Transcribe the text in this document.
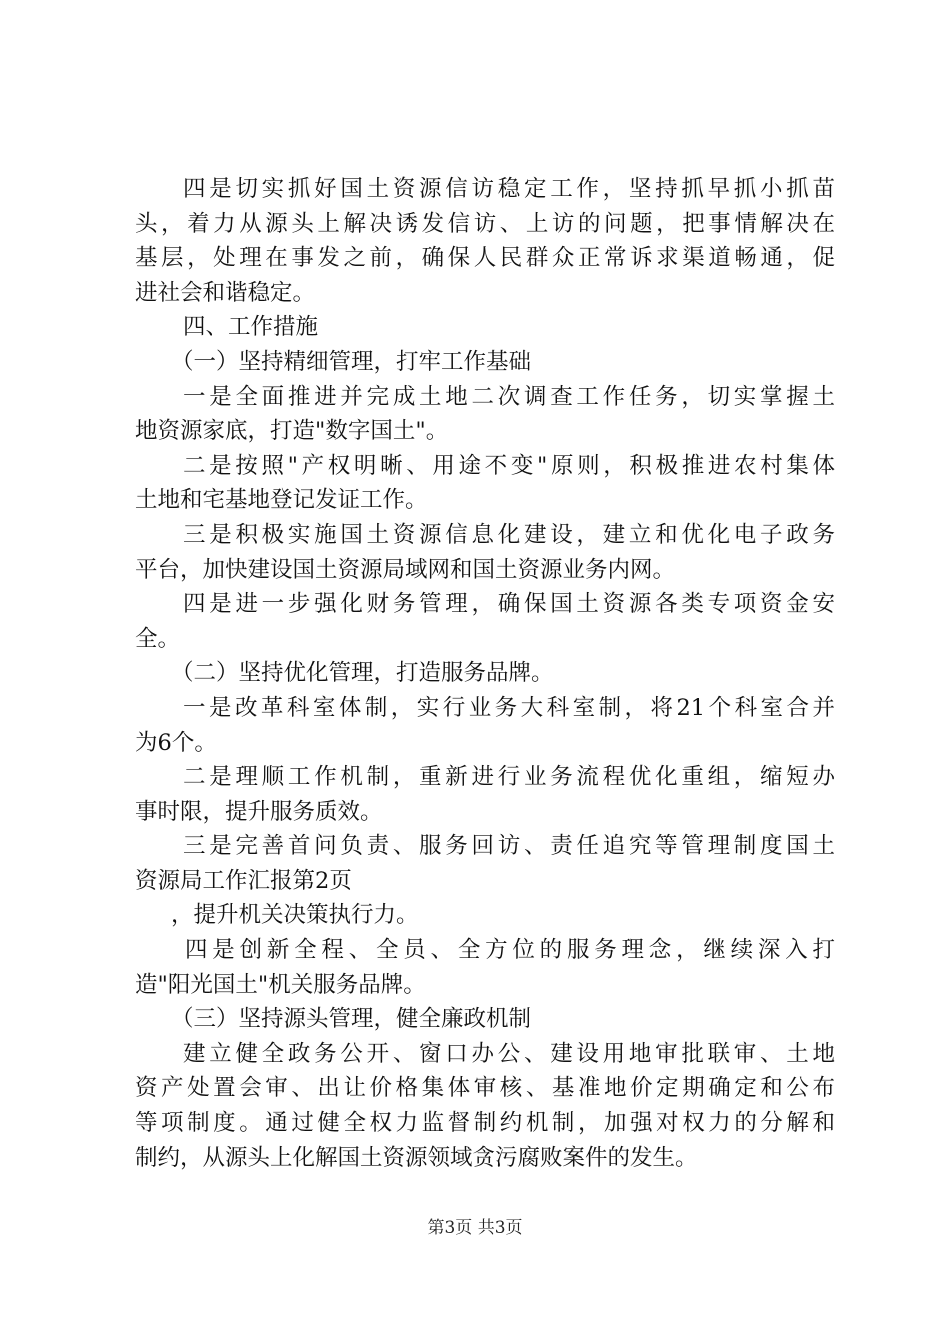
四是切实抓好国土资源信访稳定工作，坚持抓早抓小抓苗
头，着力从源头上解决诱发信访、上访的问题，把事情解决在
基层，处理在事发之前，确保人民群众正常诉求渠道畅通，促
进社会和谐稳定。
四、工作措施
（一）坚持精细管理，打牢工作基础
一是全面推进并完成土地二次调查工作任务，切实掌握土
地资源家底，打造"数字国土"。
二是按照"产权明晰、用途不变"原则，积极推进农村集体
土地和宅基地登记发证工作。
三是积极实施国土资源信息化建设，建立和优化电子政务
平台，加快建设国土资源局域网和国土资源业务内网。
四是进一步强化财务管理，确保国土资源各类专项资金安
全。
（二）坚持优化管理，打造服务品牌。
一是改革科室体制，实行业务大科室制，将21个科室合并
为6个。
二是理顺工作机制，重新进行业务流程优化重组，缩短办
事时限，提升服务质效。
三是完善首问负责、服务回访、责任追究等管理制度国土
资源局工作汇报第2页
，提升机关决策执行力。
四是创新全程、全员、全方位的服务理念，继续深入打
造"阳光国土"机关服务品牌。
（三）坚持源头管理，健全廉政机制
建立健全政务公开、窗口办公、建设用地审批联审、土地
资产处置会审、出让价格集体审核、基准地价定期确定和公布
等项制度。通过健全权力监督制约机制，加强对权力的分解和
制约，从源头上化解国土资源领域贪污腐败案件的发生。
第3页 共3页
